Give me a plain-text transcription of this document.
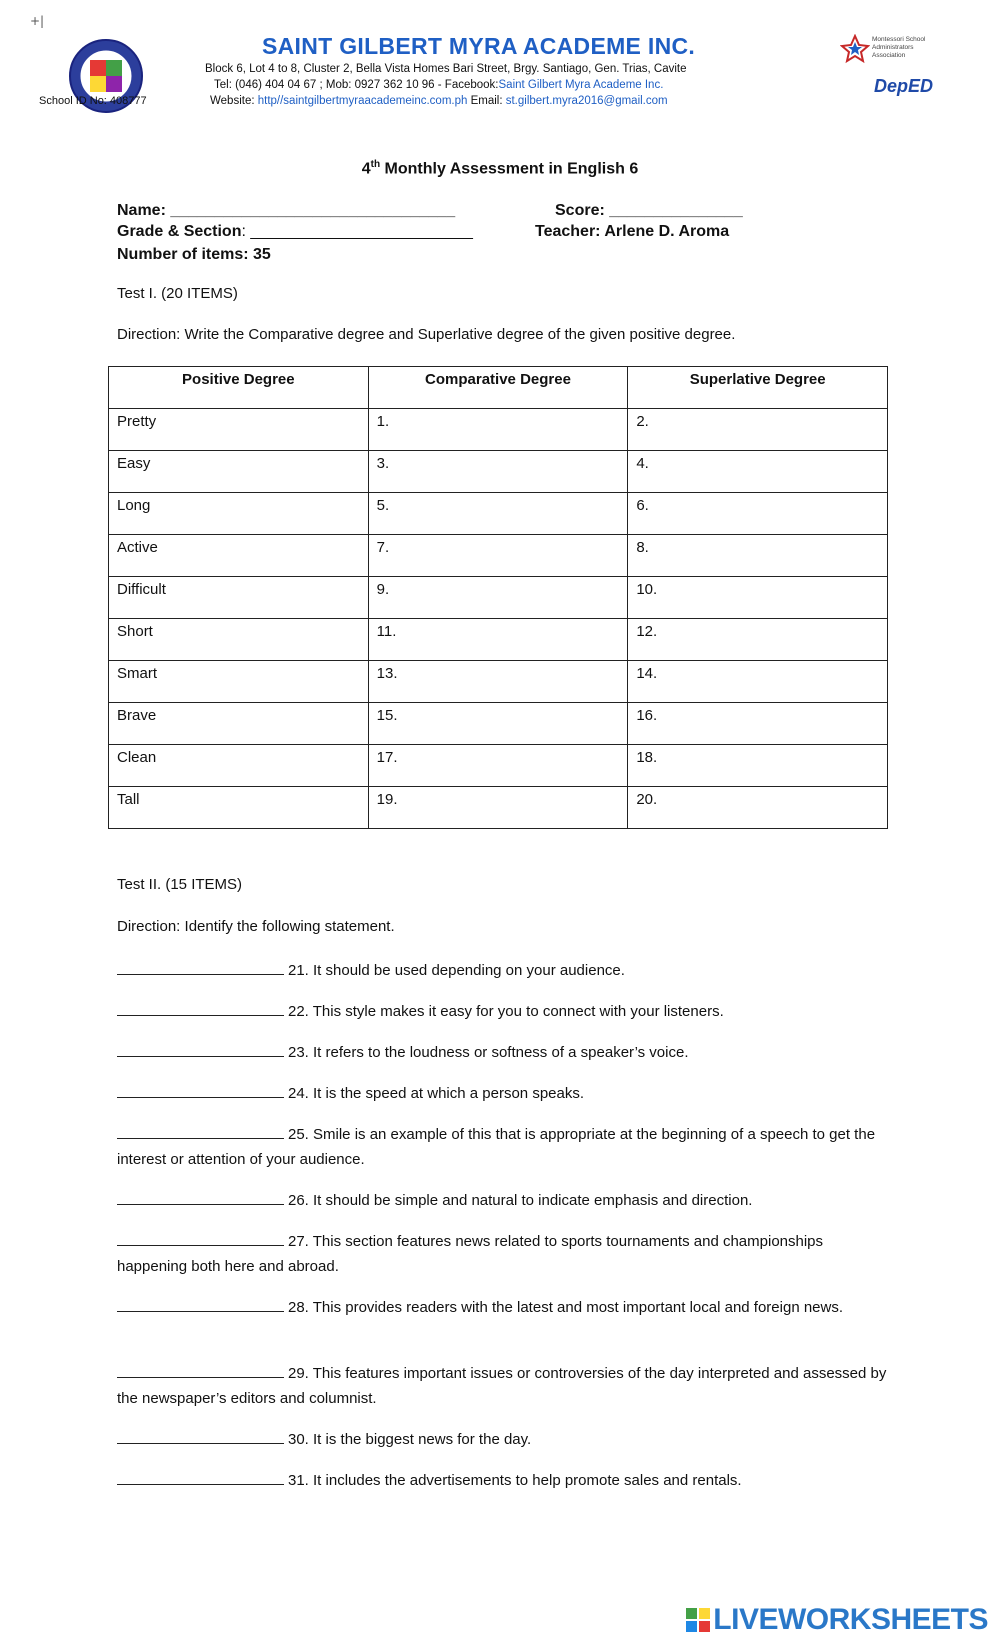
+|
School ID No: 408777
SAINT GILBERT MYRA ACADEME INC.
Block 6, Lot 4 to 8, Cluster 2, Bella Vista Homes Bari Street, Brgy. Santiago, Gen. Trias, Cavite
Tel: (046) 404 04 67 ; Mob: 0927 362 10 96 - Facebook:Saint Gilbert Myra Academe Inc.
Website: http//saintgilbertmyraacademeinc.com.ph Email: st.gilbert.myra2016@gmail.com
Montessori School Administrators Association
DepED
4th Monthly Assessment in English 6
Name: ________________________________	Score: _______________
Grade & Section: _________________________	Teacher: Arlene D. Aroma
Number of items: 35
Test I. (20 ITEMS)
Direction: Write the Comparative degree and Superlative degree of the given positive degree.
Positive Degree	Comparative Degree	Superlative Degree
Pretty	1.	2.
Easy	3.	4.
Long	5.	6.
Active	7.	8.
Difficult	9.	10.
Short	11.	12.
Smart	13.	14.
Brave	15.	16.
Clean	17.	18.
Tall	19.	20.
Test II. (15 ITEMS)
Direction: Identify the following statement.
21. It should be used depending on your audience.
22. This style makes it easy for you to connect with your listeners.
23. It refers to the loudness or softness of a speaker’s voice.
24. It is the speed at which a person speaks.
25. Smile is an example of this that is appropriate at the beginning of a speech to get the interest or attention of your audience.
26. It should be simple and natural to indicate emphasis and direction.
27. This section features news related to sports tournaments and championships happening both here and abroad.
28. This provides readers with the latest and most important local and foreign news.
29. This features important issues or controversies of the day interpreted and assessed by the newspaper’s editors and columnist.
30. It is the biggest news for the day.
31. It includes the advertisements to help promote sales and rentals.
LIVEWORKSHEETS
